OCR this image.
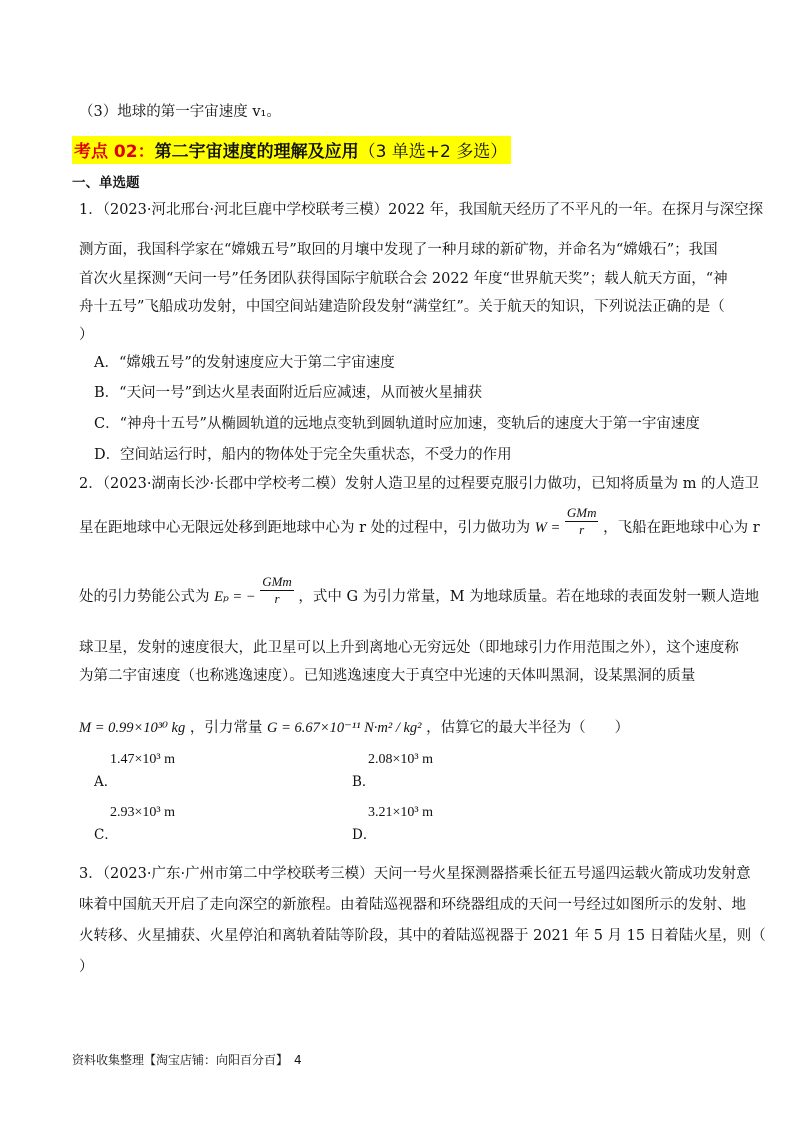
（3）地球的第一宇宙速度 v₁。
考点 02：第二宇宙速度的理解及应用（3 单选+2 多选）
一、单选题
1．（2023·河北邢台·河北巨鹿中学校联考三模）2022 年，我国航天经历了不平凡的一年。在探月与深空探
测方面，我国科学家在“嫦娥五号”取回的月壤中发现了一种月球的新矿物，并命名为“嫦娥石”；我国
首次火星探测“天问一号”任务团队获得国际宇航联合会 2022 年度“世界航天奖”；载人航天方面，“神
舟十五号”飞船成功发射，中国空间站建造阶段发射“满堂红”。关于航天的知识，下列说法正确的是（
）
A．“嫦娥五号”的发射速度应大于第二宇宙速度
B．“天问一号”到达火星表面附近后应减速，从而被火星捕获
C．“神舟十五号”从椭圆轨道的远地点变轨到圆轨道时应加速，变轨后的速度大于第一宇宙速度
D．空间站运行时，船内的物体处于完全失重状态，不受力的作用
2．（2023·湖南长沙·长郡中学校考二模）发射人造卫星的过程要克服引力做功，已知将质量为 m 的人造卫
星在距地球中心无限远处移到距地球中心为 r 处的过程中，引力做功为 $W = \frac{\text{GMm}}{r}$ ，飞船在距地球中心为 r
处的引力势能公式为 Eₚ = − $\frac{\text{GMm}}{r}$ ，式中 G 为引力常量，M 为地球质量。若在地球的表面发射一颗人造地
球卫星，发射的速度很大，此卫星可以上升到离地心无穷远处（即地球引力作用范围之外），这个速度称
为第二宇宙速度（也称逃逸速度）。已知逃逸速度大于真空中光速的天体叫黑洞，设某黑洞的质量
M = 0.99×10³⁰ kg ，引力常量 G = 6.67×10⁻¹¹ N·m² / kg² ，估算它的最大半径为（　　）
A．
1.47×10³ m
B．
2.08×10³ m
C．
2.93×10³ m
D．
3.21×10³ m
3．（2023·广东·广州市第二中学校联考三模）天问一号火星探测器搭乘长征五号遥四运载火箭成功发射意
味着中国航天开启了走向深空的新旅程。由着陆巡视器和环绕器组成的天问一号经过如图所示的发射、地
火转移、火星捕获、火星停泊和离轨着陆等阶段，其中的着陆巡视器于 2021 年 5 月 15 日着陆火星，则（
）
资料收集整理【淘宝店铺：向阳百分百】　4
